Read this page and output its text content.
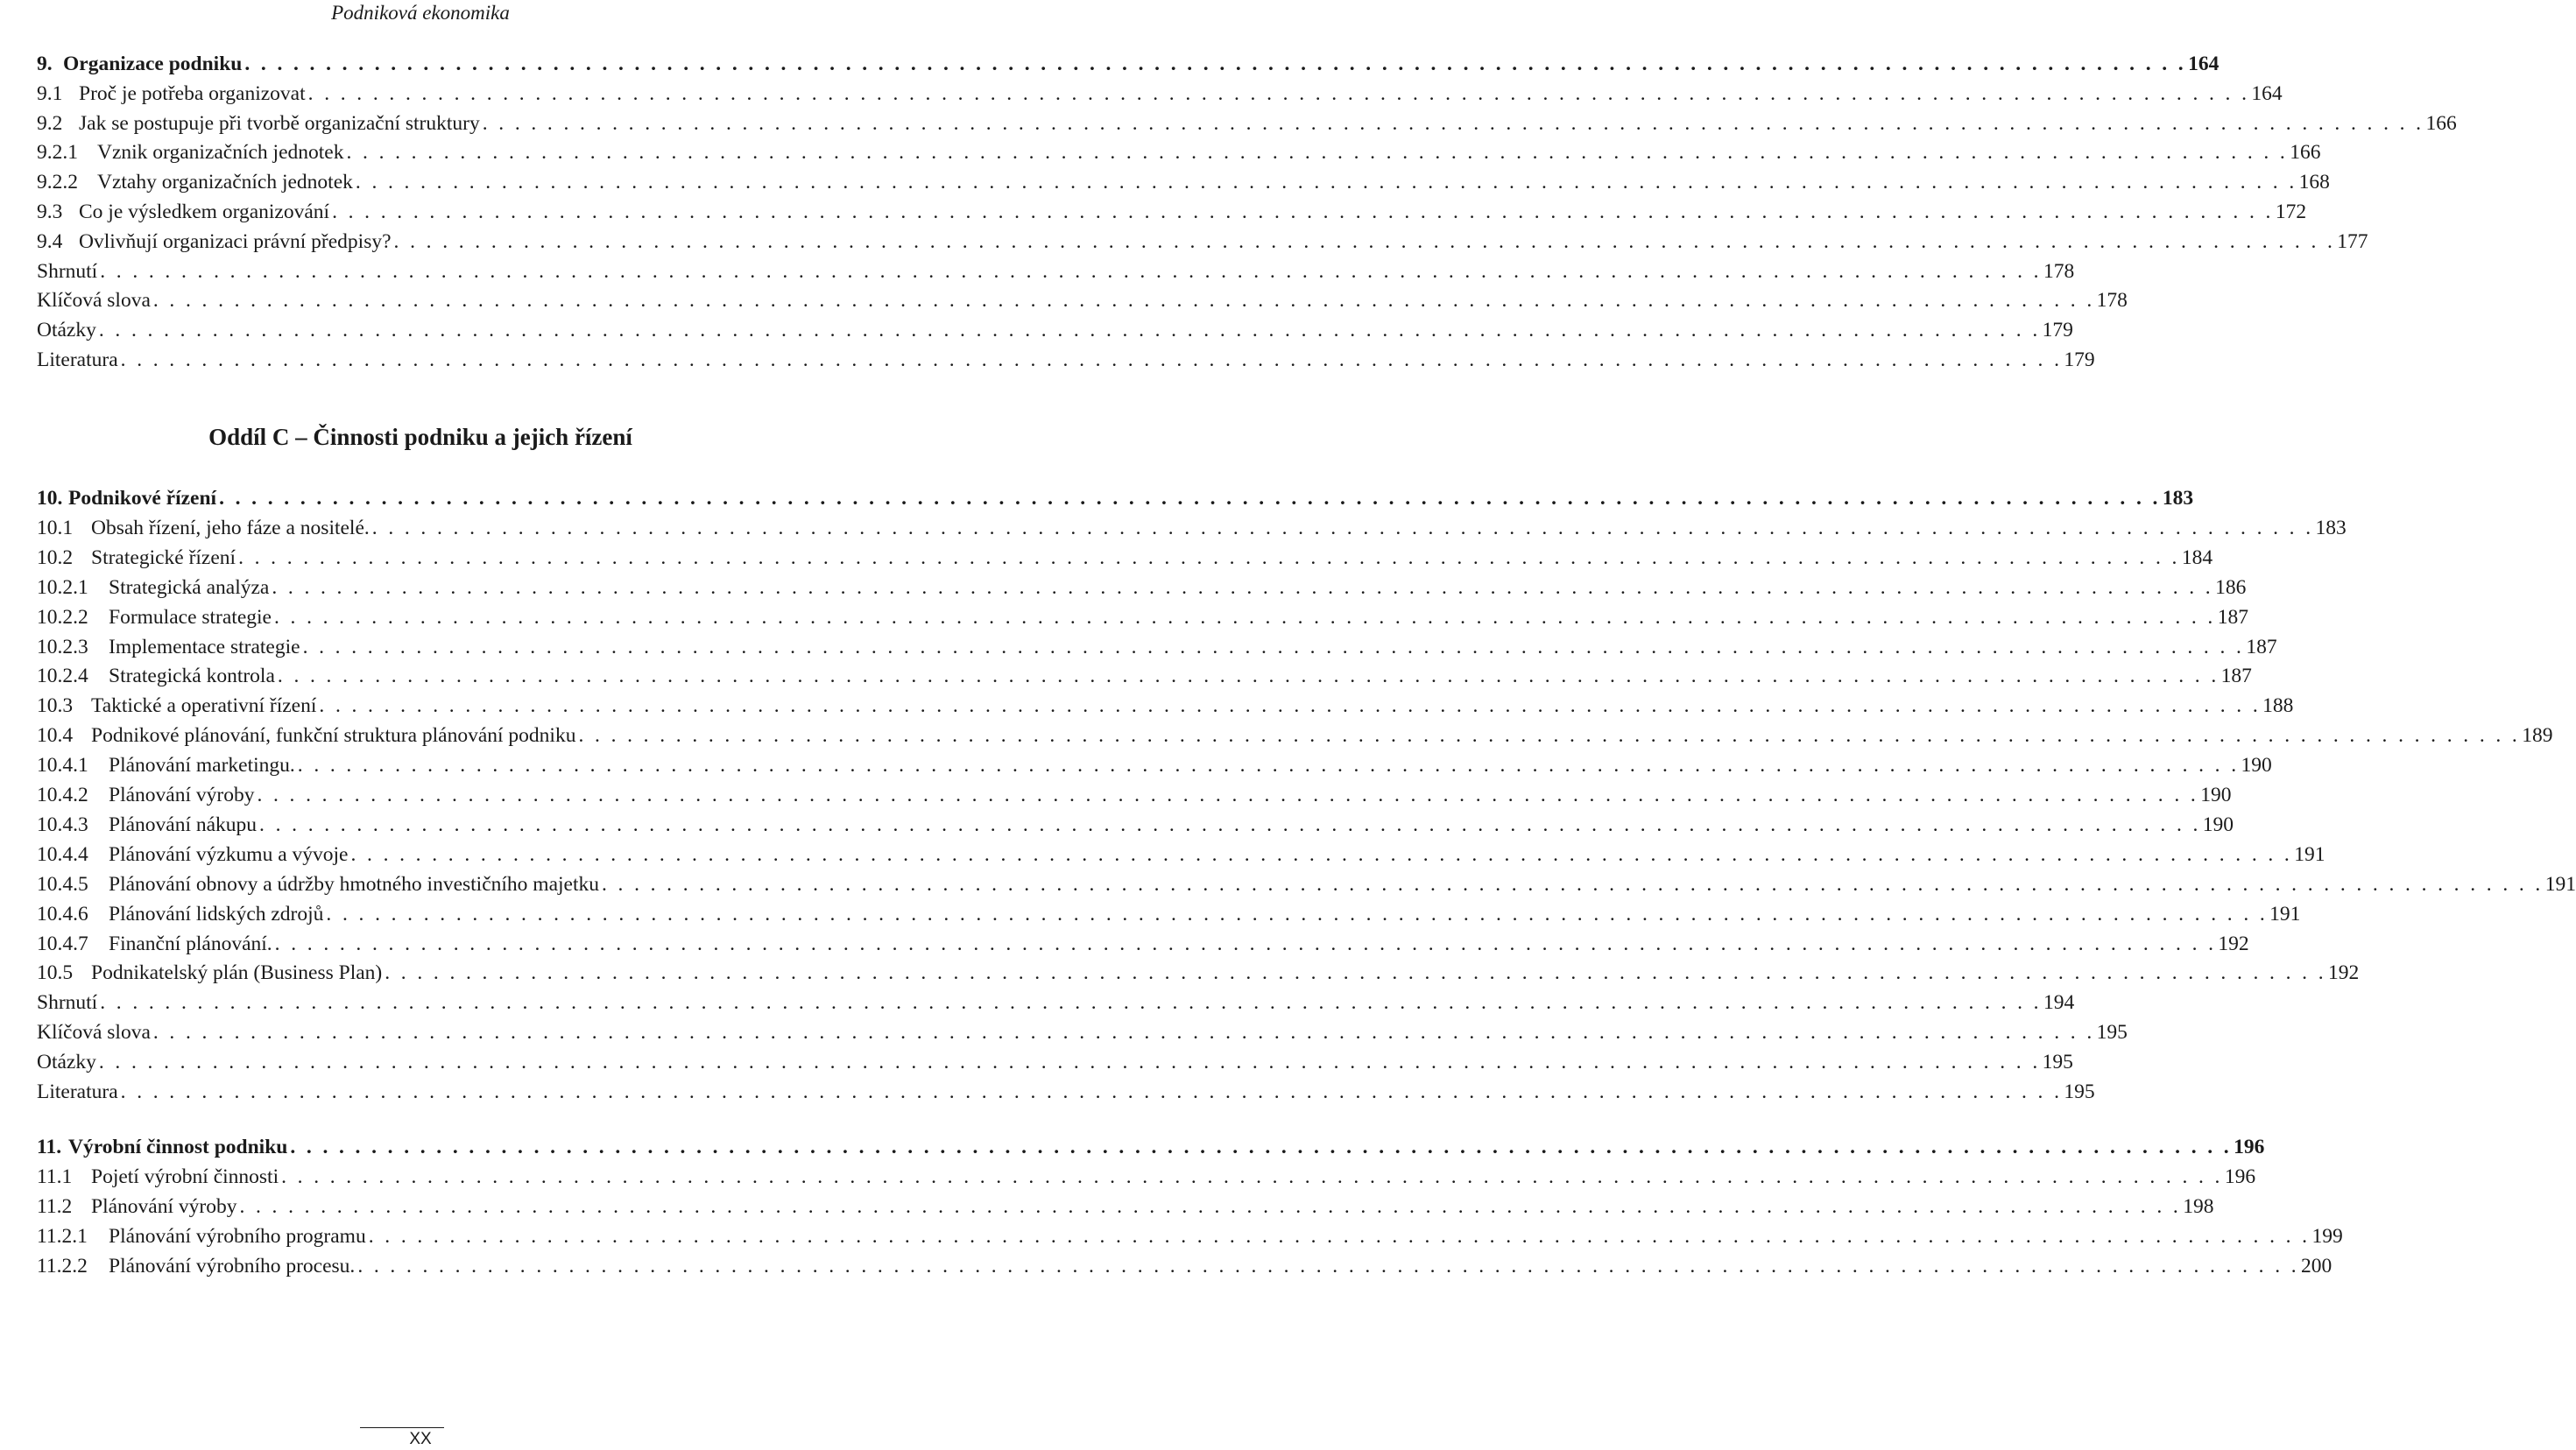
Podniková ekonomika
9. Organizace podniku . . . . . . . . . . . . . . . . . . . . . . . . . . . . . . . . . . . . . . . . . . . . . . . . . . . . . . . . . . . . . . . . . . . . . . . . . . . . . . . . . . . . . . . . . . . . . . . . . . . . . . . . . . . . . . . . . . . . . . . . 164
9.1 Proč je potřeba organizovat . . . . . . . . . . . . . . . . . . . . . . . . . . . . . . . . . . . . . . . . . . . . . . . . . . . . . . . . . . . . . . . . . . . . . . . . . . . . . . . . . . . . . . . . . . . . . . . . . . . . . . . . . . . . . . . . . . . . . . . . 164
9.2 Jak se postupuje při tvorbě organizační struktury . . . . . . . . . . . . . . . . . . . . . . . . . . . . . . . . . . . . . . . . . . . . . . . . . . . . . . . . . . . . . . . . . . . . . . . . . . . . . . . . . . . . . . . . . . . . . . . . . . . . . . . . . . . . . . . . . . . . . . . . 166
9.2.1 Vznik organizačních jednotek . . . . . . . . . . . . . . . . . . . . . . . . . . . . . . . . . . . . . . . . . . . . . . . . . . . . . . . . . . . . . . . . . . . . . . . . . . . . . . . . . . . . . . . . . . . . . . . . . . . . . . . . . . . . . . . . . . . . . . . . 166
9.2.2 Vztahy organizačních jednotek . . . . . . . . . . . . . . . . . . . . . . . . . . . . . . . . . . . . . . . . . . . . . . . . . . . . . . . . . . . . . . . . . . . . . . . . . . . . . . . . . . . . . . . . . . . . . . . . . . . . . . . . . . . . . . . . . . . . . . . . 168
9.3 Co je výsledkem organizování . . . . . . . . . . . . . . . . . . . . . . . . . . . . . . . . . . . . . . . . . . . . . . . . . . . . . . . . . . . . . . . . . . . . . . . . . . . . . . . . . . . . . . . . . . . . . . . . . . . . . . . . . . . . . . . . . . . . . . . . 172
9.4 Ovlivňují organizaci právní předpisy? . . . . . . . . . . . . . . . . . . . . . . . . . . . . . . . . . . . . . . . . . . . . . . . . . . . . . . . . . . . . . . . . . . . . . . . . . . . . . . . . . . . . . . . . . . . . . . . . . . . . . . . . . . . . . . . . . . . . . . . . 177
Shrnutí . . . . . . . . . . . . . . . . . . . . . . . . . . . . . . . . . . . . . . . . . . . . . . . . . . . . . . . . . . . . . . . . . . . . . . . . . . . . . . . . . . . . . . . . . . . . . . . . . . . . . . . . . . . . . . . . . . . . . . . . 178
Klíčová slova . . . . . . . . . . . . . . . . . . . . . . . . . . . . . . . . . . . . . . . . . . . . . . . . . . . . . . . . . . . . . . . . . . . . . . . . . . . . . . . . . . . . . . . . . . . . . . . . . . . . . . . . . . . . . . . . . . . . . . . . 178
Otázky . . . . . . . . . . . . . . . . . . . . . . . . . . . . . . . . . . . . . . . . . . . . . . . . . . . . . . . . . . . . . . . . . . . . . . . . . . . . . . . . . . . . . . . . . . . . . . . . . . . . . . . . . . . . . . . . . . . . . . . . 179
Literatura . . . . . . . . . . . . . . . . . . . . . . . . . . . . . . . . . . . . . . . . . . . . . . . . . . . . . . . . . . . . . . . . . . . . . . . . . . . . . . . . . . . . . . . . . . . . . . . . . . . . . . . . . . . . . . . . . . . . . . . . 179
Oddíl C – Činnosti podniku a jejich řízení
10. Podnikové řízení . . . . . . . . . . . . . . . . . . . . . . . . . . . . . . . . . . . . . . . . . . . . . . . . . . . . . . . . . . . . . . . . . . . . . . . . . . . . . . . . . . . . . . . . . . . . . . . . . . . . . . . . . . . . . . . . . . . . . . . . 183
10.1 Obsah řízení, jeho fáze a nositelé. . . . . . . . . . . . . . . . . . . . . . . . . . . . . . . . . . . . . . . . . . . . . . . . . . . . . . . . . . . . . . . . . . . . . . . . . . . . . . . . . . . . . . . . . . . . . . . . . . . . . . . . . . . . . . . . . . . . . . . . . 183
10.2 Strategické řízení . . . . . . . . . . . . . . . . . . . . . . . . . . . . . . . . . . . . . . . . . . . . . . . . . . . . . . . . . . . . . . . . . . . . . . . . . . . . . . . . . . . . . . . . . . . . . . . . . . . . . . . . . . . . . . . . . . . . . . . . 184
10.2.1 Strategická analýza . . . . . . . . . . . . . . . . . . . . . . . . . . . . . . . . . . . . . . . . . . . . . . . . . . . . . . . . . . . . . . . . . . . . . . . . . . . . . . . . . . . . . . . . . . . . . . . . . . . . . . . . . . . . . . . . . . . . . . . . 186
10.2.2 Formulace strategie . . . . . . . . . . . . . . . . . . . . . . . . . . . . . . . . . . . . . . . . . . . . . . . . . . . . . . . . . . . . . . . . . . . . . . . . . . . . . . . . . . . . . . . . . . . . . . . . . . . . . . . . . . . . . . . . . . . . . . . . 187
10.2.3 Implementace strategie . . . . . . . . . . . . . . . . . . . . . . . . . . . . . . . . . . . . . . . . . . . . . . . . . . . . . . . . . . . . . . . . . . . . . . . . . . . . . . . . . . . . . . . . . . . . . . . . . . . . . . . . . . . . . . . . . . . . . . . . 187
10.2.4 Strategická kontrola . . . . . . . . . . . . . . . . . . . . . . . . . . . . . . . . . . . . . . . . . . . . . . . . . . . . . . . . . . . . . . . . . . . . . . . . . . . . . . . . . . . . . . . . . . . . . . . . . . . . . . . . . . . . . . . . . . . . . . . . 187
10.3 Taktické a operativní řízení . . . . . . . . . . . . . . . . . . . . . . . . . . . . . . . . . . . . . . . . . . . . . . . . . . . . . . . . . . . . . . . . . . . . . . . . . . . . . . . . . . . . . . . . . . . . . . . . . . . . . . . . . . . . . . . . . . . . . . . . 188
10.4 Podnikové plánování, funkční struktura plánování podniku . . . . . . . . . . . . . . . . . . . . . . . . . . . . . . . . . . . . . . . . . . . . . . . . . . . . . . . . . . . . . . . . . . . . . . . . . . . . . . . . . . . . . . . . . . . . . . . . . . . . . . . . . . . . . . . . . . . . . . . . 189
10.4.1 Plánování marketingu. . . . . . . . . . . . . . . . . . . . . . . . . . . . . . . . . . . . . . . . . . . . . . . . . . . . . . . . . . . . . . . . . . . . . . . . . . . . . . . . . . . . . . . . . . . . . . . . . . . . . . . . . . . . . . . . . . . . . . . . . 190
10.4.2 Plánování výroby . . . . . . . . . . . . . . . . . . . . . . . . . . . . . . . . . . . . . . . . . . . . . . . . . . . . . . . . . . . . . . . . . . . . . . . . . . . . . . . . . . . . . . . . . . . . . . . . . . . . . . . . . . . . . . . . . . . . . . . . 190
10.4.3 Plánování nákupu . . . . . . . . . . . . . . . . . . . . . . . . . . . . . . . . . . . . . . . . . . . . . . . . . . . . . . . . . . . . . . . . . . . . . . . . . . . . . . . . . . . . . . . . . . . . . . . . . . . . . . . . . . . . . . . . . . . . . . . . 190
10.4.4 Plánování výzkumu a vývoje . . . . . . . . . . . . . . . . . . . . . . . . . . . . . . . . . . . . . . . . . . . . . . . . . . . . . . . . . . . . . . . . . . . . . . . . . . . . . . . . . . . . . . . . . . . . . . . . . . . . . . . . . . . . . . . . . . . . . . . . 191
10.4.5 Plánování obnovy a údržby hmotného investičního majetku . . . . . . . . . . . . . . . . . . . . . . . . . . . . . . . . . . . . . . . . . . . . . . . . . . . . . . . . . . . . . . . . . . . . . . . . . . . . . . . . . . . . . . . . . . . . . . . . . . . . . . . . . . . . . . . . . . . . . . . . 191
10.4.6 Plánování lidských zdrojů . . . . . . . . . . . . . . . . . . . . . . . . . . . . . . . . . . . . . . . . . . . . . . . . . . . . . . . . . . . . . . . . . . . . . . . . . . . . . . . . . . . . . . . . . . . . . . . . . . . . . . . . . . . . . . . . . . . . . . . . 191
10.4.7 Finanční plánování. . . . . . . . . . . . . . . . . . . . . . . . . . . . . . . . . . . . . . . . . . . . . . . . . . . . . . . . . . . . . . . . . . . . . . . . . . . . . . . . . . . . . . . . . . . . . . . . . . . . . . . . . . . . . . . . . . . . . . . . . 192
10.5 Podnikatelský plán (Business Plan) . . . . . . . . . . . . . . . . . . . . . . . . . . . . . . . . . . . . . . . . . . . . . . . . . . . . . . . . . . . . . . . . . . . . . . . . . . . . . . . . . . . . . . . . . . . . . . . . . . . . . . . . . . . . . . . . . . . . . . . . 192
Shrnutí . . . . . . . . . . . . . . . . . . . . . . . . . . . . . . . . . . . . . . . . . . . . . . . . . . . . . . . . . . . . . . . . . . . . . . . . . . . . . . . . . . . . . . . . . . . . . . . . . . . . . . . . . . . . . . . . . . . . . . . . 194
Klíčová slova . . . . . . . . . . . . . . . . . . . . . . . . . . . . . . . . . . . . . . . . . . . . . . . . . . . . . . . . . . . . . . . . . . . . . . . . . . . . . . . . . . . . . . . . . . . . . . . . . . . . . . . . . . . . . . . . . . . . . . . . 195
Otázky . . . . . . . . . . . . . . . . . . . . . . . . . . . . . . . . . . . . . . . . . . . . . . . . . . . . . . . . . . . . . . . . . . . . . . . . . . . . . . . . . . . . . . . . . . . . . . . . . . . . . . . . . . . . . . . . . . . . . . . . 195
Literatura . . . . . . . . . . . . . . . . . . . . . . . . . . . . . . . . . . . . . . . . . . . . . . . . . . . . . . . . . . . . . . . . . . . . . . . . . . . . . . . . . . . . . . . . . . . . . . . . . . . . . . . . . . . . . . . . . . . . . . . . 195
11. Výrobní činnost podniku . . . . . . . . . . . . . . . . . . . . . . . . . . . . . . . . . . . . . . . . . . . . . . . . . . . . . . . . . . . . . . . . . . . . . . . . . . . . . . . . . . . . . . . . . . . . . . . . . . . . . . . . . . . . . . . . . . . . . . . . 196
11.1 Pojetí výrobní činnosti . . . . . . . . . . . . . . . . . . . . . . . . . . . . . . . . . . . . . . . . . . . . . . . . . . . . . . . . . . . . . . . . . . . . . . . . . . . . . . . . . . . . . . . . . . . . . . . . . . . . . . . . . . . . . . . . . . . . . . . . 196
11.2 Plánování výroby . . . . . . . . . . . . . . . . . . . . . . . . . . . . . . . . . . . . . . . . . . . . . . . . . . . . . . . . . . . . . . . . . . . . . . . . . . . . . . . . . . . . . . . . . . . . . . . . . . . . . . . . . . . . . . . . . . . . . . . . 198
11.2.1	Plánování výrobního programu . . . . . . . . . . . . . . . . . . . . . . . . . . . . . . . . . . . . . . . . . . . . . . . . . . . . . . . . . . . . . . . . . . . . . . . . . . . . . . . . . . . . . . . . . . . . . . . . . . . . . . . . . . . . . . . . . . . . . . . . 199
11.2.2	Plánování výrobního procesu. . . . . . . . . . . . . . . . . . . . . . . . . . . . . . . . . . . . . . . . . . . . . . . . . . . . . . . . . . . . . . . . . . . . . . . . . . . . . . . . . . . . . . . . . . . . . . . . . . . . . . . . . . . . . . . . . . . . . . . . . 200
XX
